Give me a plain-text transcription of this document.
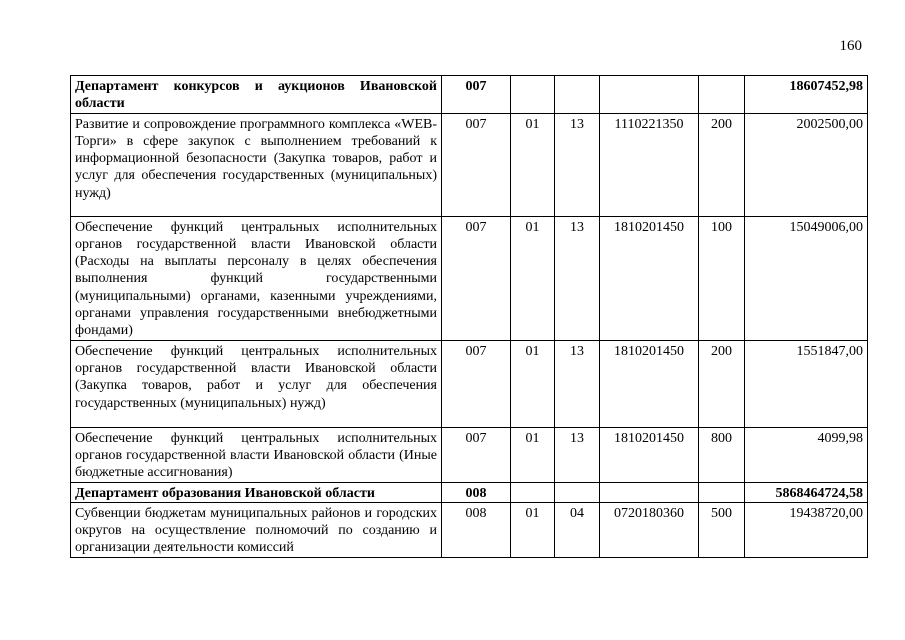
160
Департамент конкурсов и аукционов Ивановской области	007					18607452,98
Развитие и сопровождение программного комплекса «WEB-Торги» в сфере закупок с выполнением требований к информационной безопасности (Закупка товаров, работ и услуг для обеспечения государственных (муниципальных) нужд)	007	01	13	1110221350	200	2002500,00
Обеспечение функций центральных исполнительных органов государственной власти Ивановской области (Расходы на выплаты персоналу в целях обеспечения выполнения функций государственными (муниципальными) органами, казенными учреждениями, органами управления государственными внебюджетными фондами)	007	01	13	1810201450	100	15049006,00
Обеспечение функций центральных исполнительных органов государственной власти Ивановской области (Закупка товаров, работ и услуг для обеспечения государственных (муниципальных) нужд)	007	01	13	1810201450	200	1551847,00
Обеспечение функций центральных исполнительных органов государственной власти Ивановской области (Иные бюджетные ассигнования)	007	01	13	1810201450	800	4099,98
Департамент образования Ивановской области	008					5868464724,58
Субвенции бюджетам муниципальных районов и городских округов на осуществление полномочий по созданию и организации деятельности комиссий	008	01	04	0720180360	500	19438720,00
